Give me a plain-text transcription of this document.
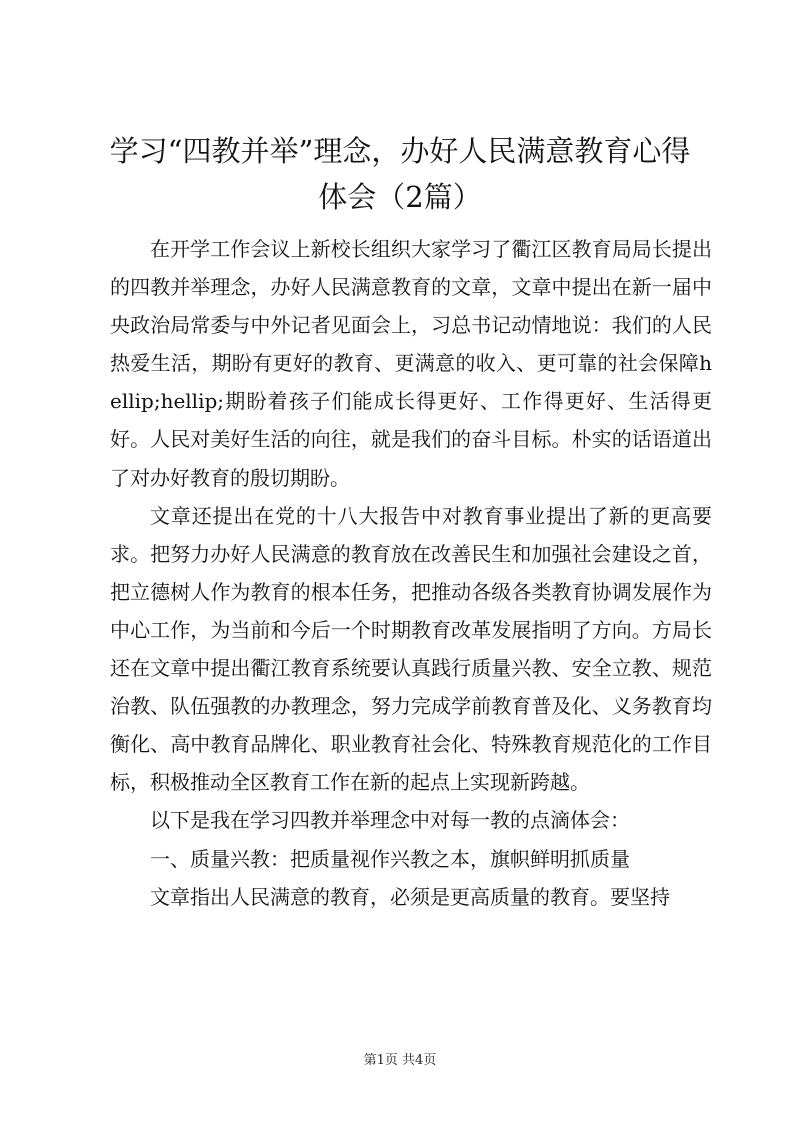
学习“四教并举”理念，办好人民满意教育心得体会（2篇）

在开学工作会议上新校长组织大家学习了衢江区教育局局长提出的四教并举理念，办好人民满意教育的文章，文章中提出在新一届中央政治局常委与中外记者见面会上，习总书记动情地说：我们的人民热爱生活，期盼有更好的教育、更满意的收入、更可靠的社会保障hellip;hellip;期盼着孩子们能成长得更好、工作得更好、生活得更好。人民对美好生活的向往，就是我们的奋斗目标。朴实的话语道出了对办好教育的殷切期盼。

文章还提出在党的十八大报告中对教育事业提出了新的更高要求。把努力办好人民满意的教育放在改善民生和加强社会建设之首，把立德树人作为教育的根本任务，把推动各级各类教育协调发展作为中心工作，为当前和今后一个时期教育改革发展指明了方向。方局长还在文章中提出衢江教育系统要认真践行质量兴教、安全立教、规范治教、队伍强教的办教理念，努力完成学前教育普及化、义务教育均衡化、高中教育品牌化、职业教育社会化、特殊教育规范化的工作目标，积极推动全区教育工作在新的起点上实现新跨越。

以下是我在学习四教并举理念中对每一教的点滴体会：

一、质量兴教：把质量视作兴教之本，旗帜鲜明抓质量

文章指出人民满意的教育，必须是更高质量的教育。要坚持

第1页 共4页
